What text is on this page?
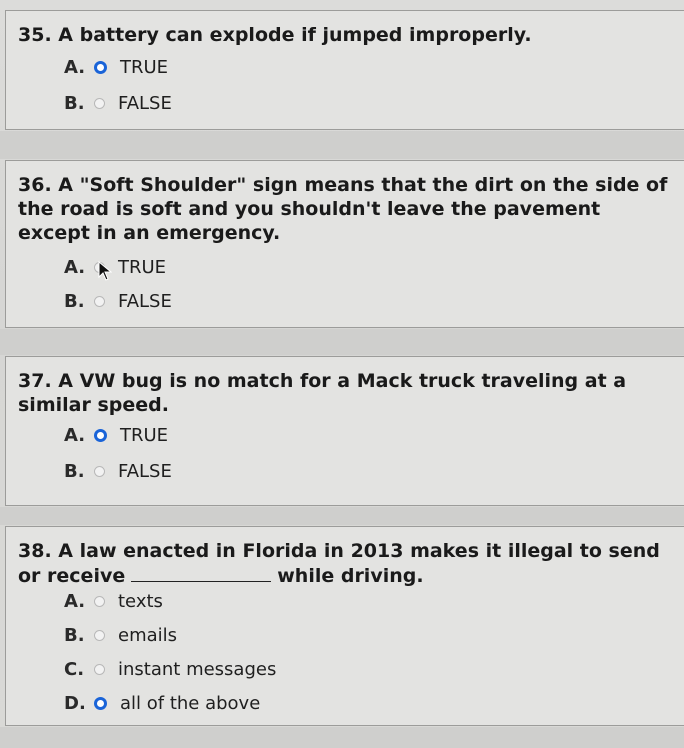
35. A battery can explode if jumped improperly.

A.	TRUE
B.	FALSE

36. A "Soft Shoulder" sign means that the dirt on the side of the road is soft and you shouldn't leave the pavement except in an emergency.

A.	TRUE
B.	FALSE

37. A VW bug is no match for a Mack truck traveling at a similar speed.

A.	TRUE
B.	FALSE

38. A law enacted in Florida in 2013 makes it illegal to send or receive	while driving.

A.	texts
B.	emails
C.	instant messages
D.	all of the above
